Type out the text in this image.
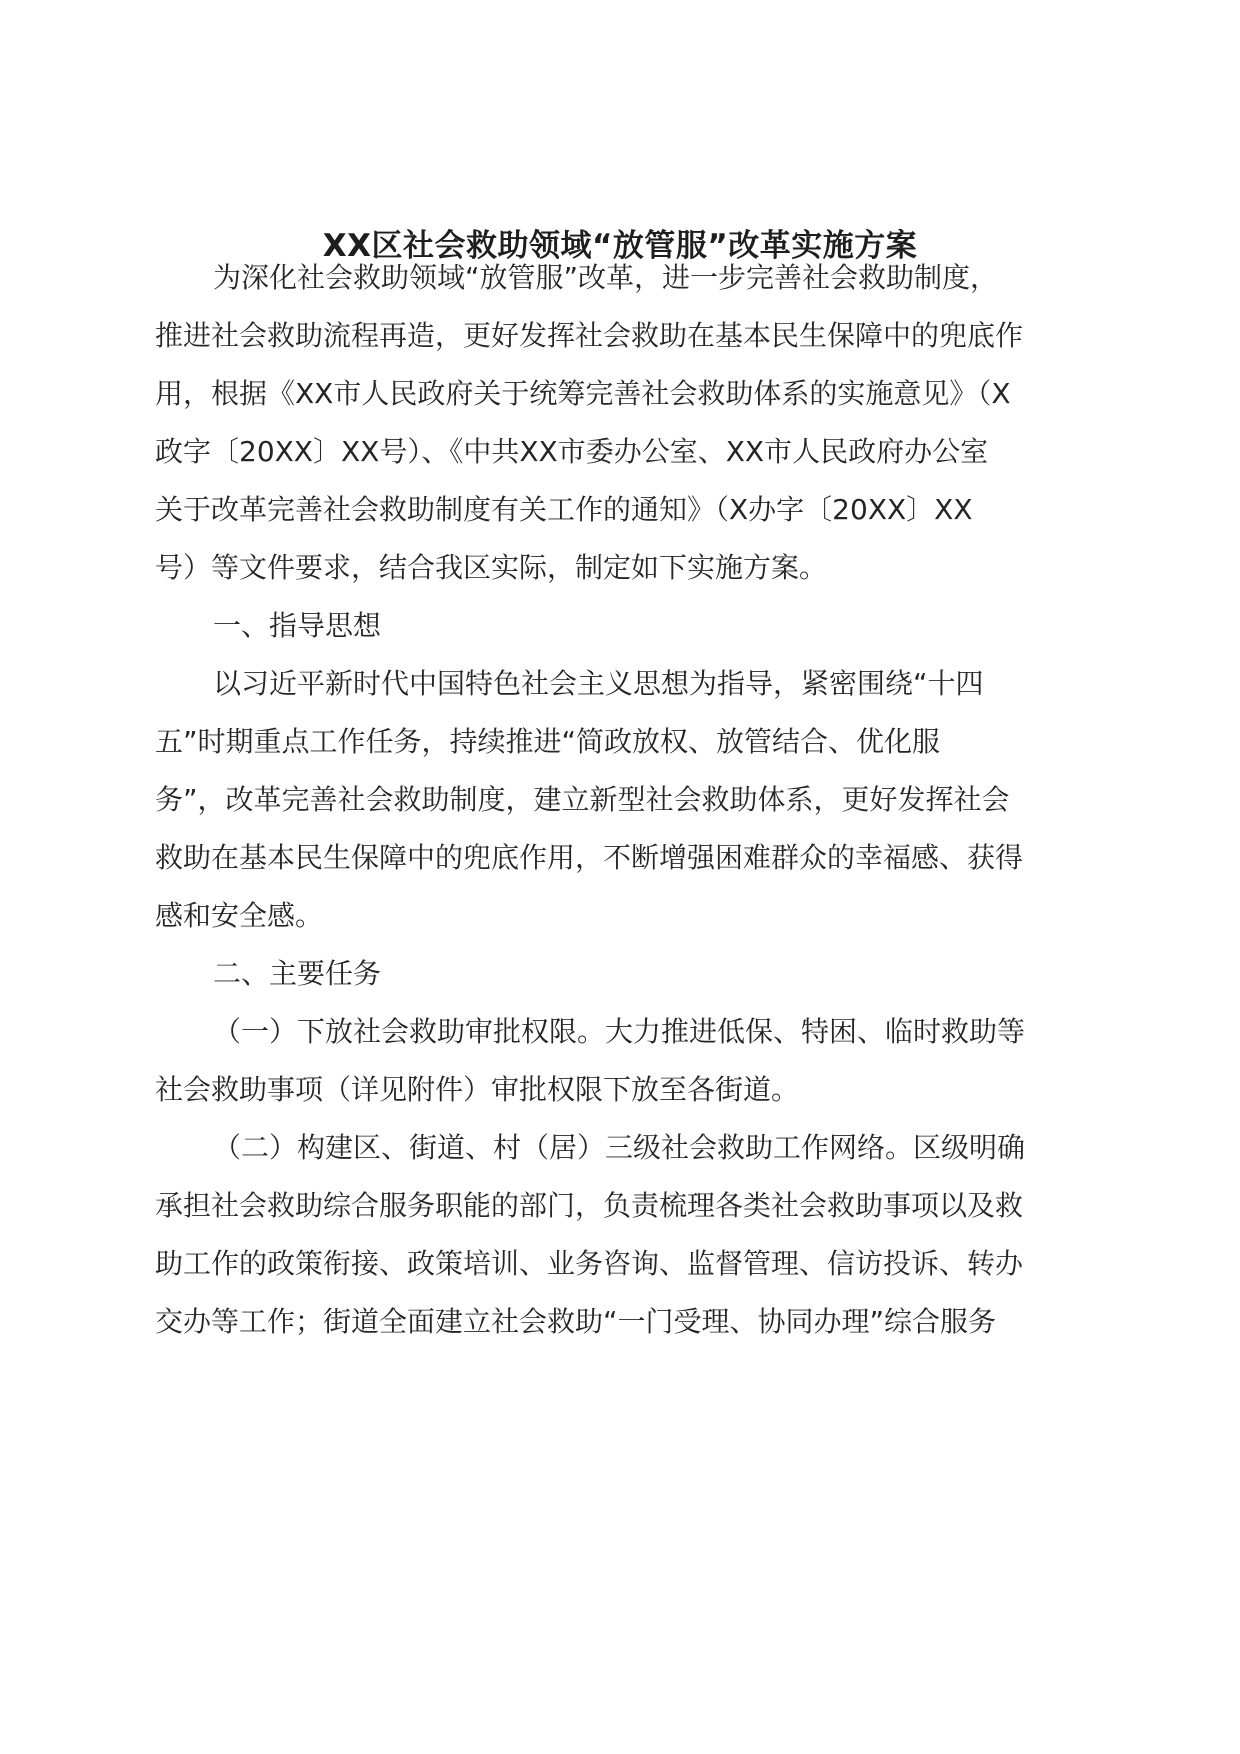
XX区社会救助领域“放管服”改革实施方案
为深化社会救助领域“放管服”改革，进一步完善社会救助制度，
推进社会救助流程再造，更好发挥社会救助在基本民生保障中的兜底作
用，根据《XX市人民政府关于统筹完善社会救助体系的实施意见》（X
政字〔20XX〕XX号）、《中共XX市委办公室、XX市人民政府办公室
关于改革完善社会救助制度有关工作的通知》（X办字〔20XX〕XX
号）等文件要求，结合我区实际，制定如下实施方案。
一、指导思想
以习近平新时代中国特色社会主义思想为指导，紧密围绕“十四
五”时期重点工作任务，持续推进“简政放权、放管结合、优化服
务”，改革完善社会救助制度，建立新型社会救助体系，更好发挥社会
救助在基本民生保障中的兜底作用，不断增强困难群众的幸福感、获得
感和安全感。
二、主要任务
（一）下放社会救助审批权限。大力推进低保、特困、临时救助等
社会救助事项（详见附件）审批权限下放至各街道。
（二）构建区、街道、村（居）三级社会救助工作网络。区级明确
承担社会救助综合服务职能的部门，负责梳理各类社会救助事项以及救
助工作的政策衔接、政策培训、业务咨询、监督管理、信访投诉、转办
交办等工作；街道全面建立社会救助“一门受理、协同办理”综合服务
